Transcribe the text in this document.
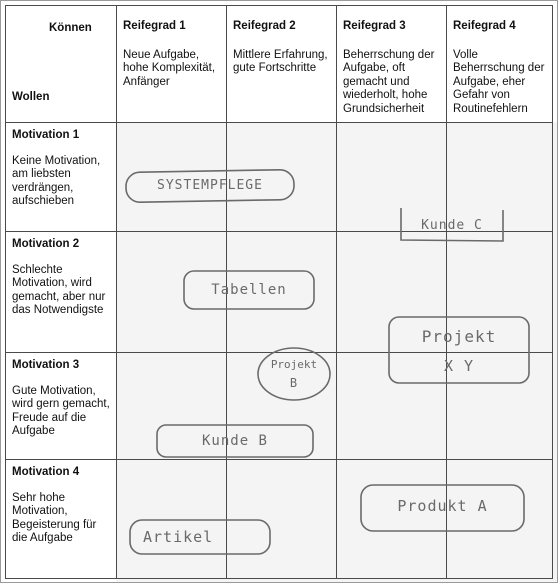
Können
Wollen
Reifegrad 1
Neue Aufgabe, hohe Komplexität, Anfänger
Reifegrad 2
Mittlere Erfahrung, gute Fortschritte
Reifegrad 3
Beherrschung der Aufgabe, oft gemacht und wiederholt, hohe Grundsicherheit
Reifegrad 4
Volle Beherrschung der Aufgabe, eher Gefahr von Routinefehlern
Motivation 1
Keine Motivation, am liebsten verdrängen, aufschieben
Motivation 2
Schlechte Motivation, wird gemacht, aber nur das Notwendigste
Motivation 3
Gute Motivation, wird gern gemacht, Freude auf die Aufgabe
Motivation 4
Sehr hohe Motivation, Begeisterung für die Aufgabe
SYSTEMPFLEGE
Kunde C
Tabellen
Projekt
X Y
Projekt
B
Kunde B
Produkt A
Artikel
